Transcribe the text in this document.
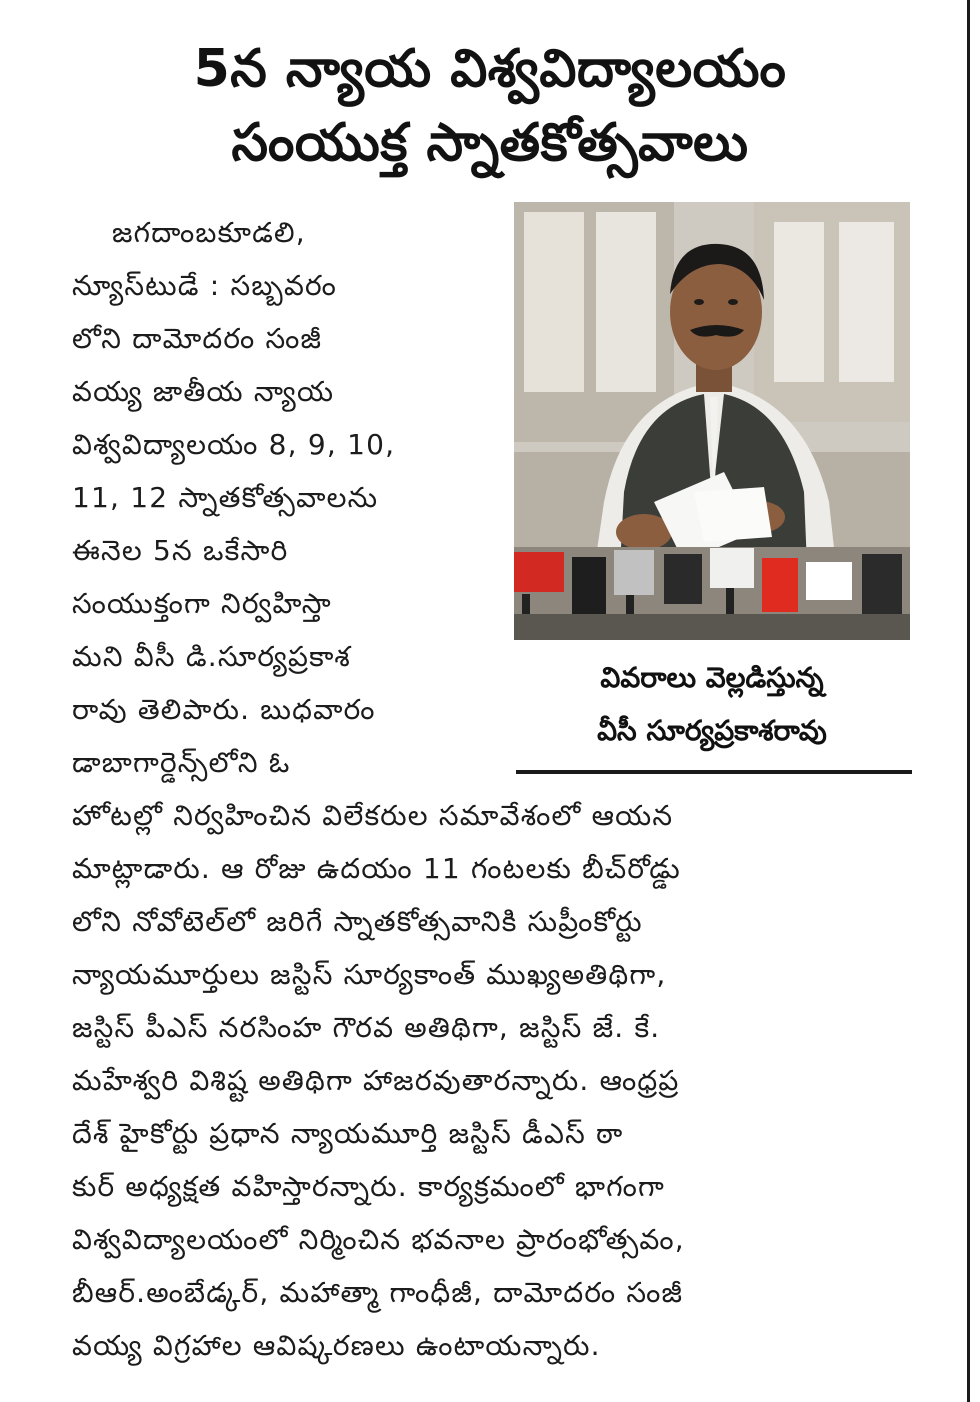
5న న్యాయ విశ్వవిద్యాలయం
సంయుక్త స్నాతకోత్సవాలు
జగదాంబకూడలి,
న్యూస్‌టుడే : సబ్బవరం
లోని దామోదరం సంజీ
వయ్య జాతీయ న్యాయ
విశ్వవిద్యాలయం 8, 9, 10,
11, 12 స్నాతకోత్సవాలను
ఈనెల 5న ఒకేసారి
సంయుక్తంగా నిర్వహిస్తా
మని వీసీ డి.సూర్యప్రకాశ
రావు తెలిపారు. బుధవారం
డాబాగార్డెన్స్‌లోని ఓ
వివరాలు వెల్లడిస్తున్న
వీసీ సూర్యప్రకాశరావు
హోటల్లో నిర్వహించిన విలేకరుల సమావేశంలో ఆయన
మాట్లాడారు. ఆ రోజు ఉదయం 11 గంటలకు బీచ్‌రోడ్డు
లోని నోవోటెల్‌లో జరిగే స్నాతకోత్సవానికి సుప్రీంకోర్టు
న్యాయమూర్తులు జస్టిస్ సూర్యకాంత్ ముఖ్యఅతిథిగా,
జస్టిస్ పీఎస్ నరసింహ గౌరవ అతిథిగా, జస్టిస్ జే. కే.
మహేశ్వరి విశిష్ట అతిథిగా హాజరవుతారన్నారు. ఆంధ్రప్ర
దేశ్ హైకోర్టు ప్రధాన న్యాయమూర్తి జస్టిస్ డీఎస్ ఠా
కుర్ అధ్యక్షత వహిస్తారన్నారు. కార్యక్రమంలో భాగంగా
విశ్వవిద్యాలయంలో నిర్మించిన భవనాల ప్రారంభోత్సవం,
బీఆర్.అంబేడ్కర్, మహాత్మా గాంధీజీ, దామోదరం సంజీ
వయ్య విగ్రహాల ఆవిష్కరణలు ఉంటాయన్నారు.
